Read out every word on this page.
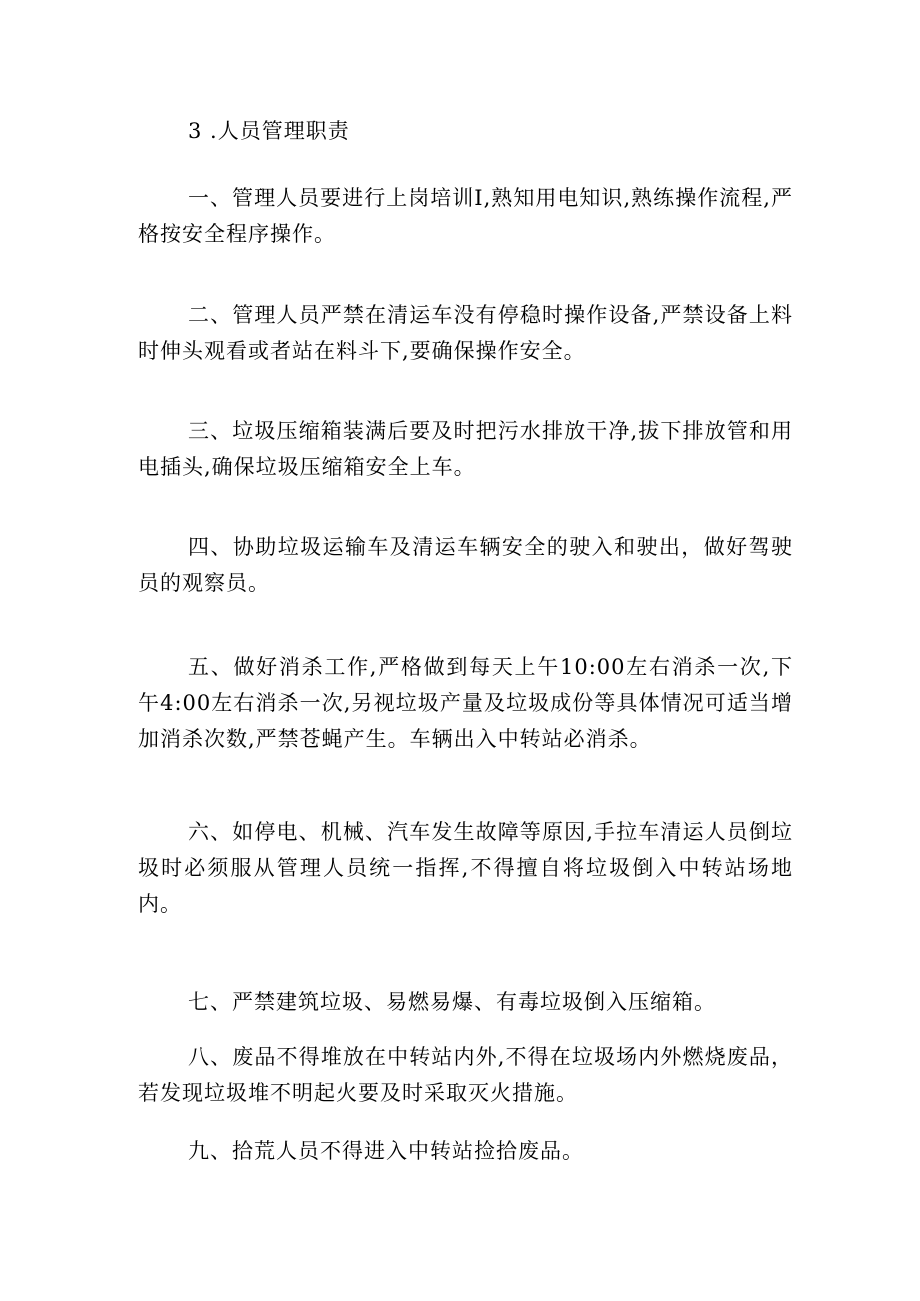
3 .人员管理职责

一、管理人员要进行上岗培训I,熟知用电知识,熟练操作流程,严格按安全程序操作。

二、管理人员严禁在清运车没有停稳时操作设备,严禁设备上料时伸头观看或者站在料斗下,要确保操作安全。

三、垃圾压缩箱装满后要及时把污水排放干净,拔下排放管和用电插头,确保垃圾压缩箱安全上车。

四、协助垃圾运输车及清运车辆安全的驶入和驶出，做好驾驶员的观察员。

五、做好消杀工作,严格做到每天上午10:00左右消杀一次,下午4:00左右消杀一次,另视垃圾产量及垃圾成份等具体情况可适当增加消杀次数,严禁苍蝇产生。车辆出入中转站必消杀。

六、如停电、机械、汽车发生故障等原因,手拉车清运人员倒垃圾时必须服从管理人员统一指挥,不得擅自将垃圾倒入中转站场地内。

七、严禁建筑垃圾、易燃易爆、有毒垃圾倒入压缩箱。

八、废品不得堆放在中转站内外,不得在垃圾场内外燃烧废品，若发现垃圾堆不明起火要及时采取灭火措施。

九、拾荒人员不得进入中转站捡拾废品。
